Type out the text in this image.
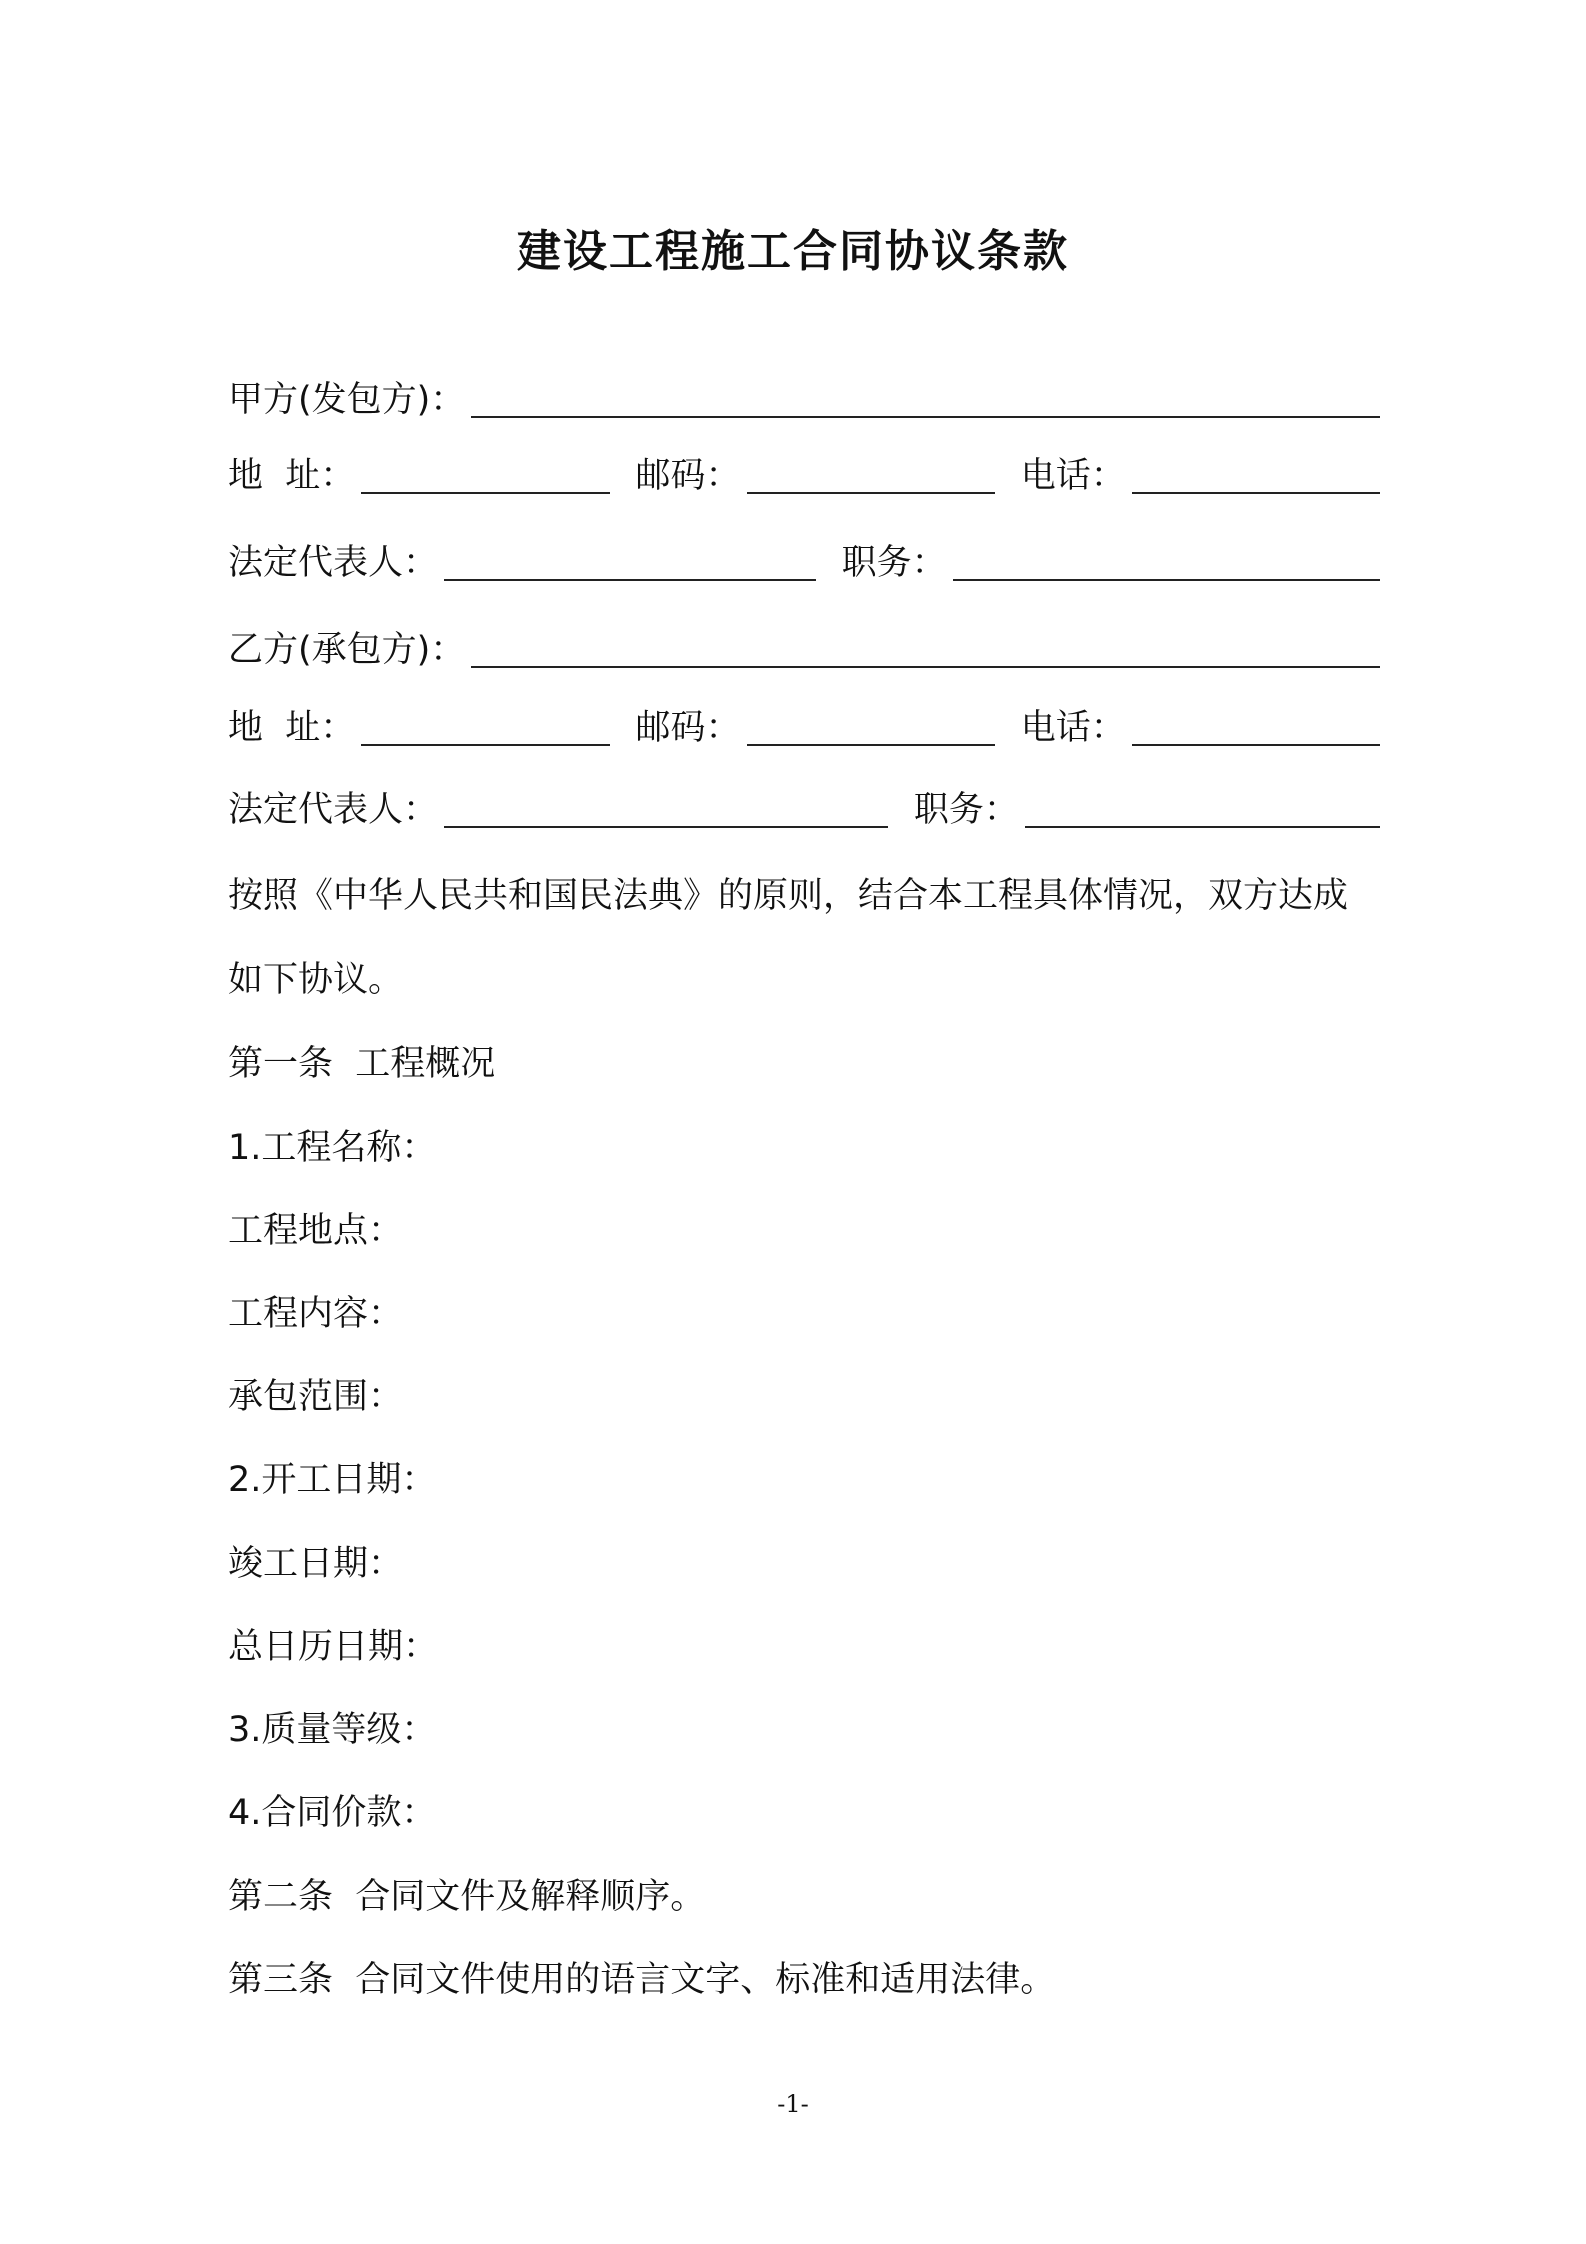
建设工程施工合同协议条款
甲方(发包方)：
地  址：	邮码：	电话：
法定代表人：	职务：
乙方(承包方)：
地  址：	邮码：	电话：
法定代表人：	职务：
按照《中华人民共和国民法典》的原则，结合本工程具体情况，双方达成
如下协议。
第一条  工程概况
1.工程名称：
工程地点：
工程内容：
承包范围：
2.开工日期：
竣工日期：
总日历日期：
3.质量等级：
4.合同价款：
第二条  合同文件及解释顺序。
第三条  合同文件使用的语言文字、标准和适用法律。
-1-
